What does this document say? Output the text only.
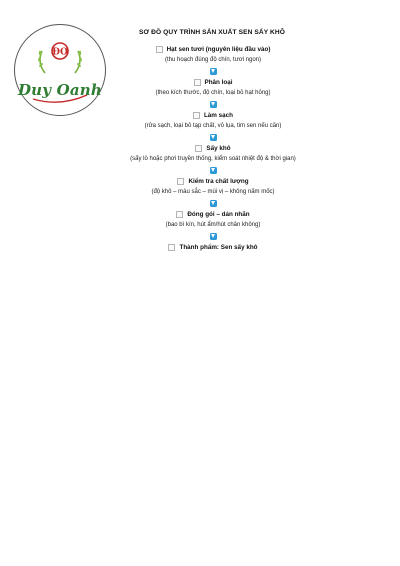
ĐO
Duy Oanh
SƠ ĐỒ QUY TRÌNH SẢN XUẤT SEN SẤY KHÔ
Hạt sen tươi (nguyên liệu đầu vào)
(thu hoạch đúng độ chín, tươi ngon)
Phân loại
(theo kích thước, độ chín, loại bỏ hạt hỏng)
Làm sạch
(rửa sạch, loại bỏ tạp chất, vỏ lụa, tim sen nếu cần)
Sấy khô
(sấy lò hoặc phơi truyền thống, kiểm soát nhiệt độ & thời gian)
Kiểm tra chất lượng
(độ khô – màu sắc – mùi vị – không nấm mốc)
Đóng gói – dán nhãn
(bao bì kín, hút ẩm/hút chân không)
Thành phẩm: Sen sấy khô
